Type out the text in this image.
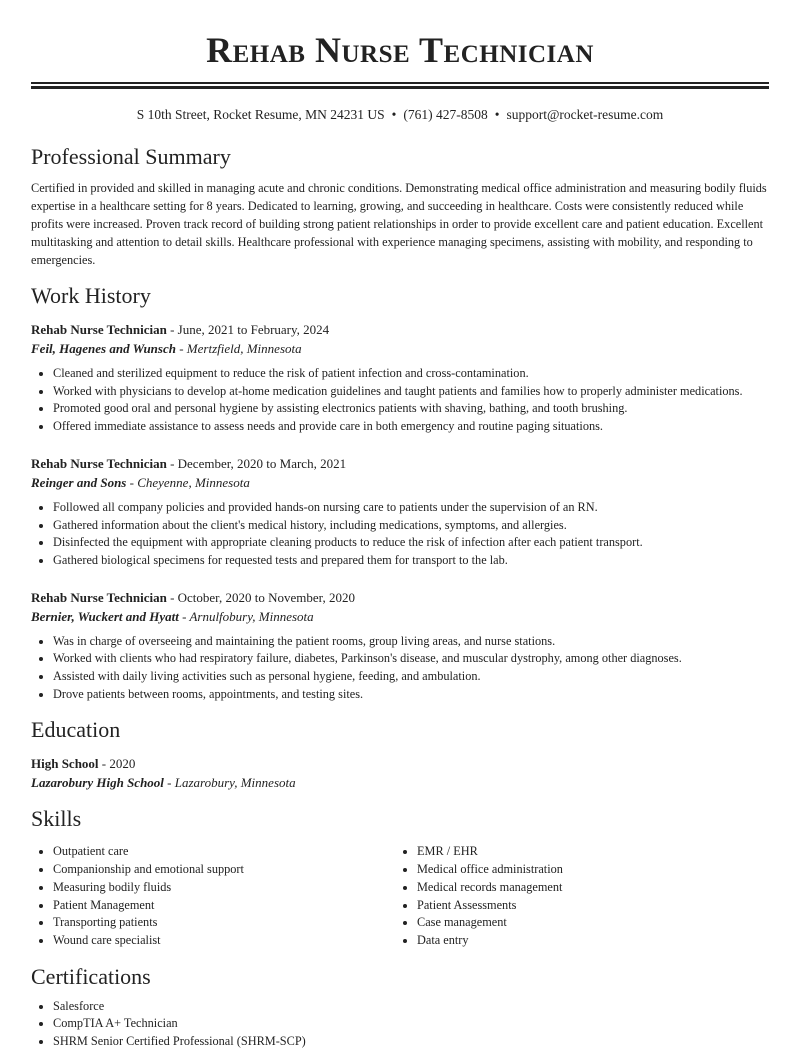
Rehab Nurse Technician
S 10th Street, Rocket Resume, MN 24231 US • (761) 427-8508 • support@rocket-resume.com
Professional Summary

Certified in provided and skilled in managing acute and chronic conditions. Demonstrating medical office administration and measuring bodily fluids expertise in a healthcare setting for 8 years. Dedicated to learning, growing, and succeeding in healthcare. Costs were consistently reduced while profits were increased. Proven track record of building strong patient relationships in order to provide excellent care and patient education. Excellent multitasking and attention to detail skills. Healthcare professional with experience managing specimens, assisting with mobility, and responding to emergencies.

Work History
Rehab Nurse Technician - June, 2021 to February, 2024
Feil, Hagenes and Wunsch - Mertzfield, Minnesota
• Cleaned and sterilized equipment to reduce the risk of patient infection and cross-contamination.
• Worked with physicians to develop at-home medication guidelines and taught patients and families how to properly administer medications.
• Promoted good oral and personal hygiene by assisting electronics patients with shaving, bathing, and tooth brushing.
• Offered immediate assistance to assess needs and provide care in both emergency and routine paging situations.
Rehab Nurse Technician - December, 2020 to March, 2021
Reinger and Sons - Cheyenne, Minnesota
• Followed all company policies and provided hands-on nursing care to patients under the supervision of an RN.
• Gathered information about the client's medical history, including medications, symptoms, and allergies.
• Disinfected the equipment with appropriate cleaning products to reduce the risk of infection after each patient transport.
• Gathered biological specimens for requested tests and prepared them for transport to the lab.
Rehab Nurse Technician - October, 2020 to November, 2020
Bernier, Wuckert and Hyatt - Arnulfobury, Minnesota
• Was in charge of overseeing and maintaining the patient rooms, group living areas, and nurse stations.
• Worked with clients who had respiratory failure, diabetes, Parkinson's disease, and muscular dystrophy, among other diagnoses.
• Assisted with daily living activities such as personal hygiene, feeding, and ambulation.
• Drove patients between rooms, appointments, and testing sites.
Education
High School - 2020
Lazarobury High School - Lazarobury, Minnesota
Skills
• Outpatient care
• Companionship and emotional support
• Measuring bodily fluids
• Patient Management
• Transporting patients
• Wound care specialist
• EMR / EHR
• Medical office administration
• Medical records management
• Patient Assessments
• Case management
• Data entry
Certifications
• Salesforce
• CompTIA A+ Technician
• SHRM Senior Certified Professional (SHRM-SCP)
